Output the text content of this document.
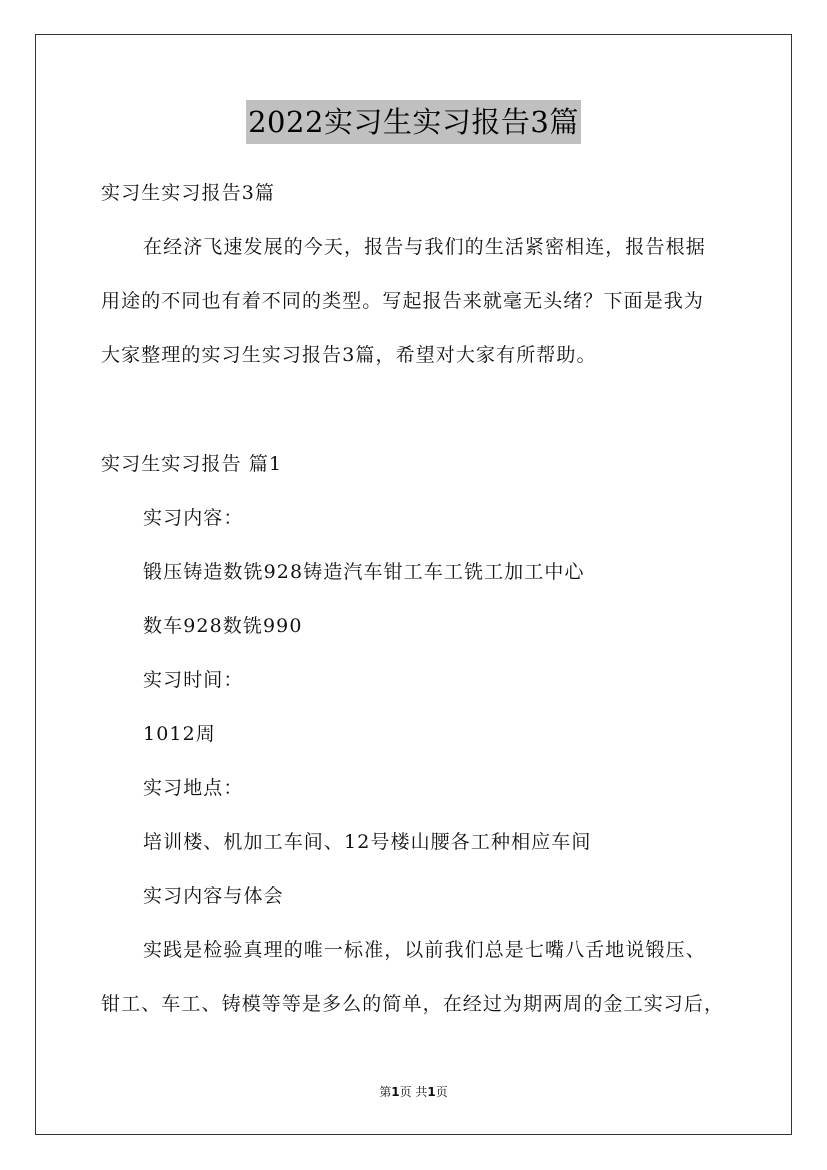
2022实习生实习报告3篇
实习生实习报告3篇
在经济飞速发展的今天，报告与我们的生活紧密相连，报告根据
用途的不同也有着不同的类型。写起报告来就毫无头绪？下面是我为
大家整理的实习生实习报告3篇，希望对大家有所帮助。
实习生实习报告 篇1
实习内容：
锻压铸造数铣928铸造汽车钳工车工铣工加工中心
数车928数铣990
实习时间：
1012周
实习地点：
培训楼、机加工车间、12号楼山腰各工种相应车间
实习内容与体会
实践是检验真理的唯一标准，以前我们总是七嘴八舌地说锻压、
钳工、车工、铸模等等是多么的简单，在经过为期两周的金工实习后，
第1页 共1页
